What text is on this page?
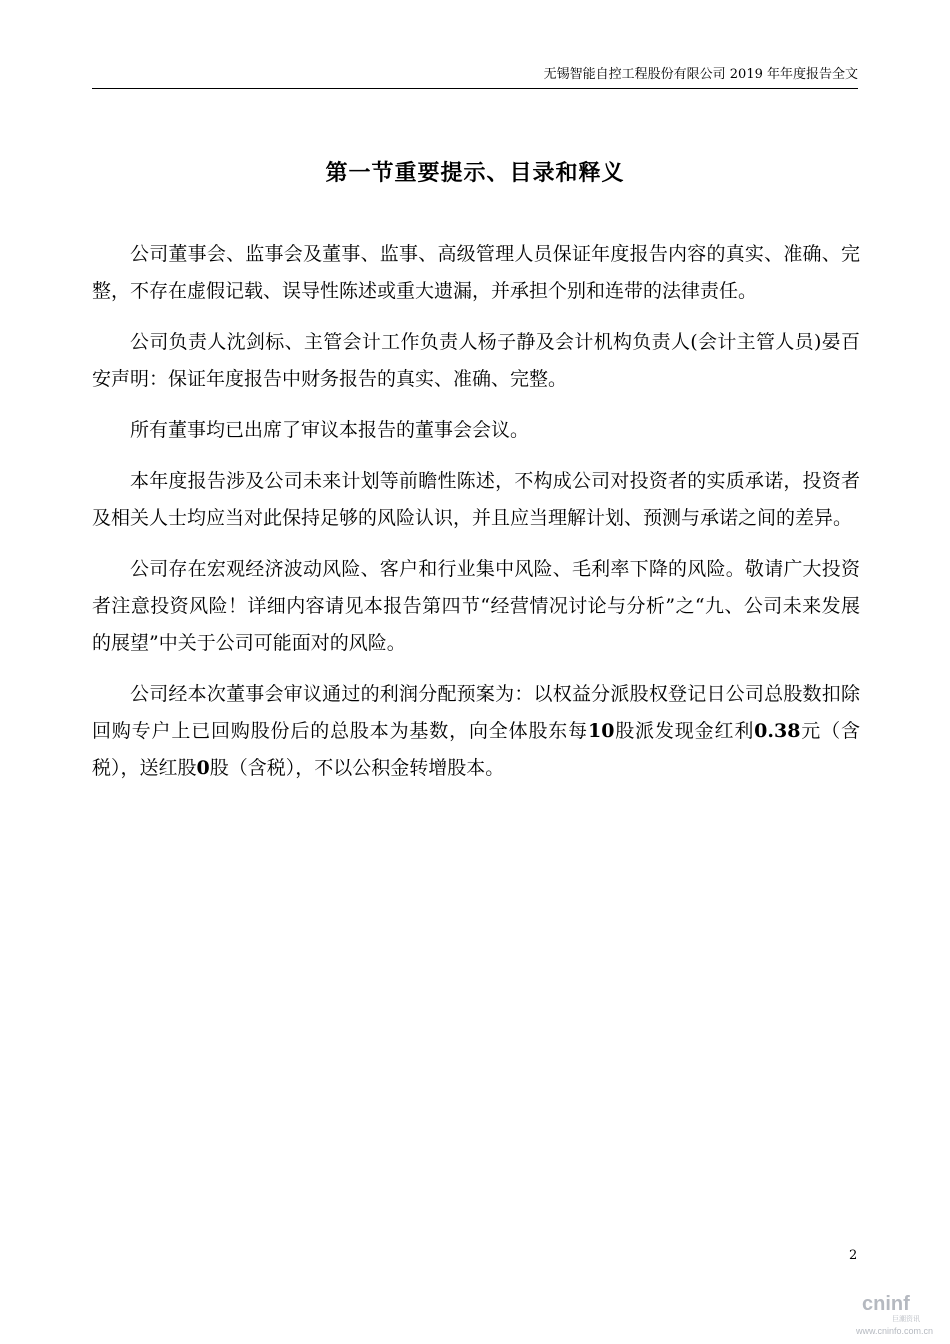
无锡智能自控工程股份有限公司 2019 年年度报告全文
第一节重要提示、目录和释义

公司董事会、监事会及董事、监事、高级管理人员保证年度报告内容的真实、准确、完整，不存在虚假记载、误导性陈述或重大遗漏，并承担个别和连带的法律责任。

公司负责人沈剑标、主管会计工作负责人杨子静及会计机构负责人(会计主管人员)晏百安声明：保证年度报告中财务报告的真实、准确、完整。

所有董事均已出席了审议本报告的董事会会议。

本年度报告涉及公司未来计划等前瞻性陈述，不构成公司对投资者的实质承诺，投资者及相关人士均应当对此保持足够的风险认识，并且应当理解计划、预测与承诺之间的差异。

公司存在宏观经济波动风险、客户和行业集中风险、毛利率下降的风险。敬请广大投资者注意投资风险！详细内容请见本报告第四节“经营情况讨论与分析”之“九、公司未来发展的展望”中关于公司可能面对的风险。

公司经本次董事会审议通过的利润分配预案为：以权益分派股权登记日公司总股数扣除回购专户上已回购股份后的总股本为基数，向全体股东每10股派发现金红利0.38元（含税），送红股0股（含税），不以公积金转增股本。

2
cninf
巨潮资讯
www.cninfo.com.cn
